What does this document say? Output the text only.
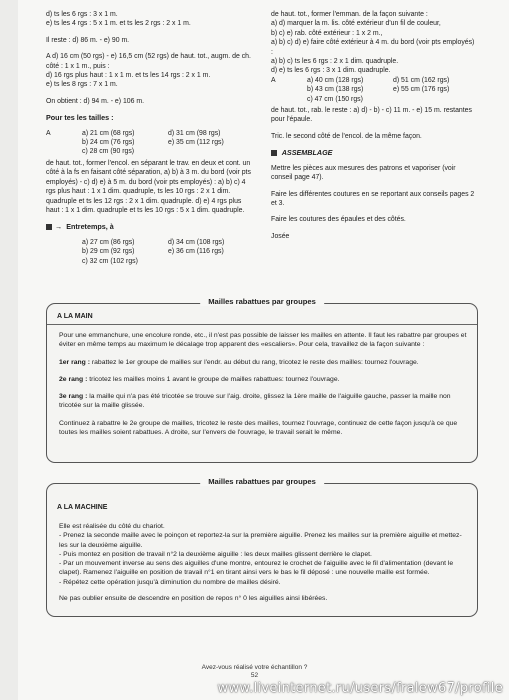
d) ts les 6 rgs : 3 x 1 m.
e) ts les 4 rgs : 5 x 1 m. et ts les 2 rgs : 2 x 1 m.
Il reste : d) 86 m. - e) 90 m.
A d) 16 cm (50 rgs) - e) 16,5 cm (52 rgs) de haut. tot., augm. de ch. côté : 1 x 1 m., puis :
d) 16 rgs plus haut : 1 x 1 m. et ts les 14 rgs : 2 x 1 m.
e) ts les 8 rgs : 7 x 1 m.
On obtient : d) 94 m. - e) 106 m.
Pour tes les tailles :
A	a) 21 cm (68 rgs)	d) 31 cm (98 rgs)
	b) 24 cm (76 rgs)	e) 35 cm (112 rgs)
	c) 28 cm (90 rgs)	
de haut. tot., former l'encol. en séparant le trav. en deux et cont. un côté à la fs en faisant côté séparation, a) b) à 3 m. du bord (voir pts employés) - c) d) e) à 5 m. du bord (voir pts employés) : a) b) c) 4 rgs plus haut : 1 x 1 dim. quadruple, ts les 10 rgs : 2 x 1 dim. quadruple et ts les 12 rgs : 2 x 1 dim. quadruple. d) e) 4 rgs plus haut : 1 x 1 dim. quadruple et ts les 10 rgs : 5 x 1 dim. quadruple.
→ Entretemps, à
	a) 27 cm (86 rgs)	d) 34 cm (108 rgs)
	b) 29 cm (92 rgs)	e) 36 cm (116 rgs)
	c) 32 cm (102 rgs)	
de haut. tot., former l'emman. de la façon suivante :
a) d) marquer la m. lis. côté extérieur d'un fil de couleur,
b) c) e) rab. côté extérieur : 1 x 2 m.,
a) b) c) d) e) faire côté extérieur à 4 m. du bord (voir pts employés) :
a) b) c) ts les 6 rgs : 2 x 1 dim. quadruple.
d) e) ts les 6 rgs : 3 x 1 dim. quadruple.
A	a) 40 cm (128 rgs)	d) 51 cm (162 rgs)
	b) 43 cm (138 rgs)	e) 55 cm (176 rgs)
	c) 47 cm (150 rgs)	
de haut. tot., rab. le reste : a) d) - b) - c) 11 m. - e) 15 m. restantes pour l'épaule.
Tric. le second côté de l'encol. de la même façon.
ASSEMBLAGE
Mettre les pièces aux mesures des patrons et vaporiser (voir conseil page 47).
Faire les différentes coutures en se reportant aux conseils pages 2 et 3.
Faire les coutures des épaules et des côtés.
Josée
Mailles rabattues par groupes
A LA MAIN
Pour une emmanchure, une encolure ronde, etc., il n'est pas possible de laisser les mailles en attente. Il faut les rabattre par groupes et éviter en même temps au maximum le décalage trop apparent des «escaliers». Pour cela, travaillez de la façon suivante :
1er rang : rabattez le 1er groupe de mailles sur l'endr. au début du rang, tricotez le reste des mailles: tournez l'ouvrage.
2e rang : tricotez les mailles moins 1 avant le groupe de mailles rabattues: tournez l'ouvrage.
3e rang : la maille qui n'a pas été tricotée se trouve sur l'aig. droite, glissez la 1ère maille de l'aiguille gauche, passer la maille non tricotée sur la maille glissée.
Continuez à rabattre le 2e groupe de mailles, tricotez le reste des mailles, tournez l'ouvrage, continuez de cette façon jusqu'à ce que toutes les mailles soient rabattues. A droite, sur l'envers de l'ouvrage, le travail serait le même.
Mailles rabattues par groupes
A LA MACHINE
Elle est réalisée du côté du chariot.
- Prenez la seconde maille avec le poinçon et reportez-la sur la première aiguille. Prenez les mailles sur la première aiguille et mettez-les sur la deuxième aiguille.
- Puis montez en position de travail n°2 la deuxième aiguille : les deux mailles glissent derrière le clapet.
- Par un mouvement inverse au sens des aiguilles d'une montre, entourez le crochet de l'aiguille avec le fil d'alimentation (devant le clapet). Ramenez l'aiguille en position de travail n°1 en tirant ainsi vers le bas le fil déposé : une nouvelle maille est formée.
- Répétez cette opération jusqu'à diminution du nombre de mailles désiré.
Ne pas oublier ensuite de descendre en position de repos n° 0 les aiguilles ainsi libérées.
Avez-vous réalisé votre échantillon ?
52
www.liveinternet.ru/users/fralew67/profile
